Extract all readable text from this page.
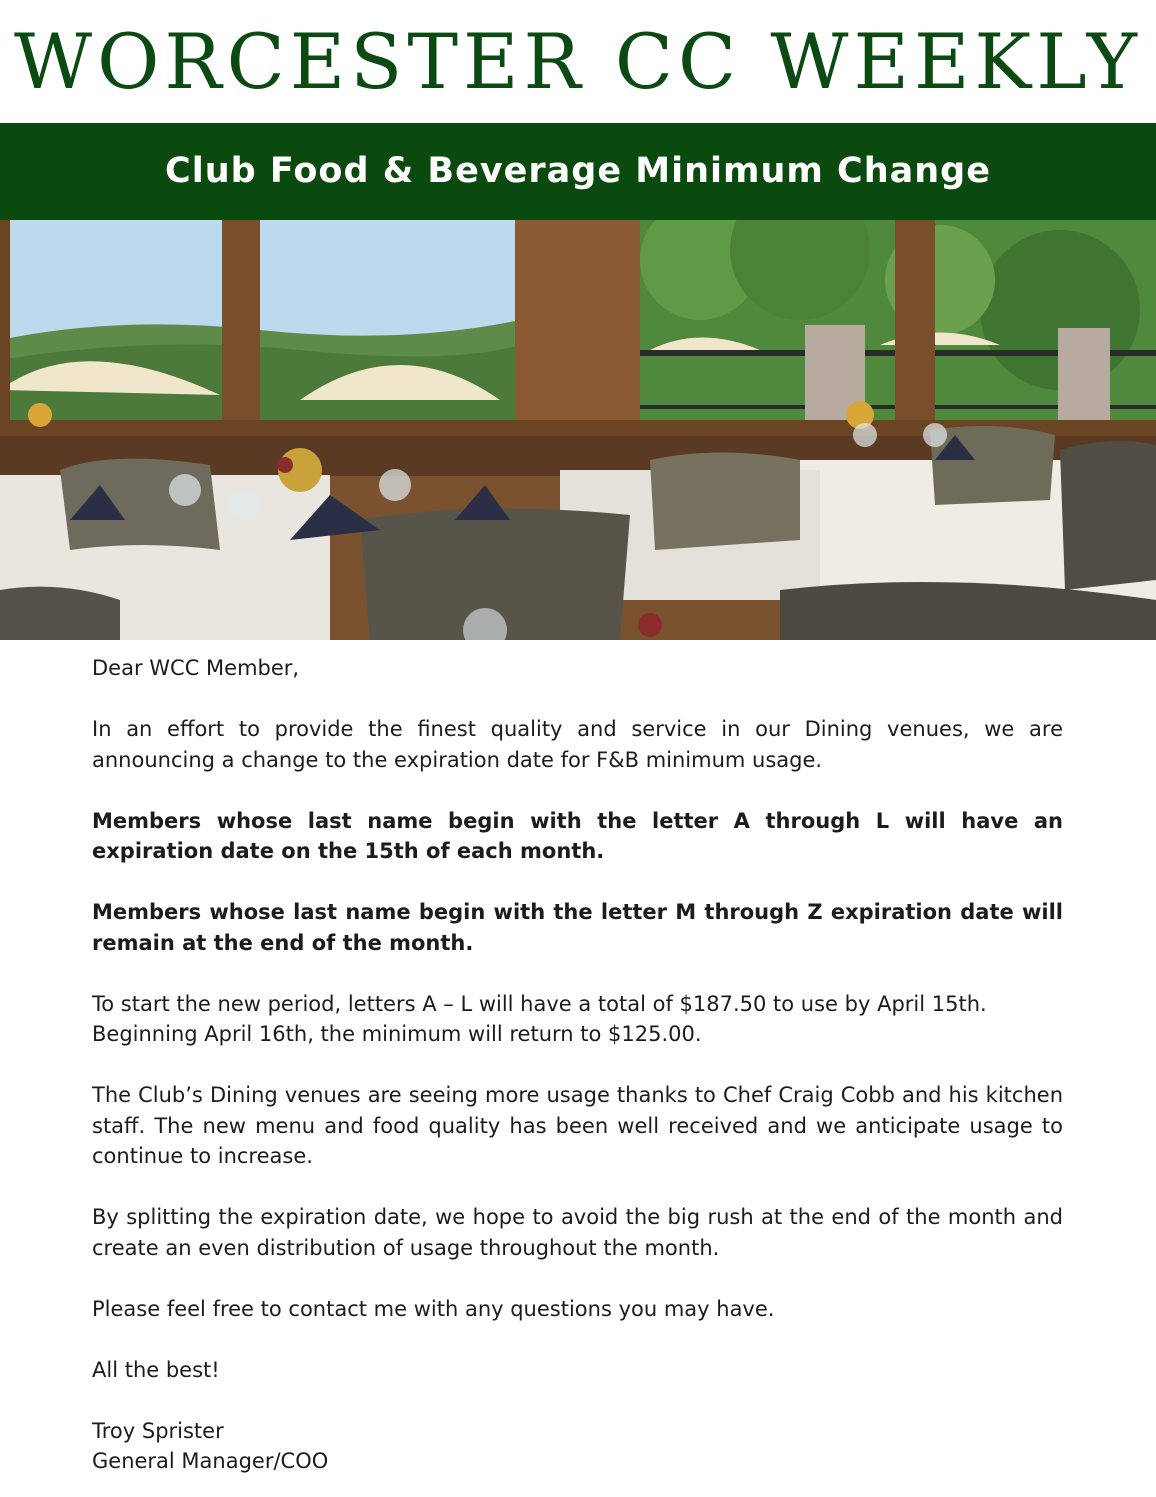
WORCESTER CC WEEKLY
Club Food & Beverage Minimum Change

Dear WCC Member,

In an effort to provide the finest quality and service in our Dining venues, we are announcing a change to the expiration date for F&B minimum usage.

Members whose last name begin with the letter A through L will have an expiration date on the 15th of each month.

Members whose last name begin with the letter M through Z expiration date will remain at the end of the month.

To start the new period, letters A – L will have a total of $187.50 to use by April 15th. Beginning April 16th, the minimum will return to $125.00.

The Club’s Dining venues are seeing more usage thanks to Chef Craig Cobb and his kitchen staff. The new menu and food quality has been well received and we anticipate usage to continue to increase.

By splitting the expiration date, we hope to avoid the big rush at the end of the month and create an even distribution of usage throughout the month.

Please feel free to contact me with any questions you may have.

All the best!

Troy Sprister

General Manager/COO
